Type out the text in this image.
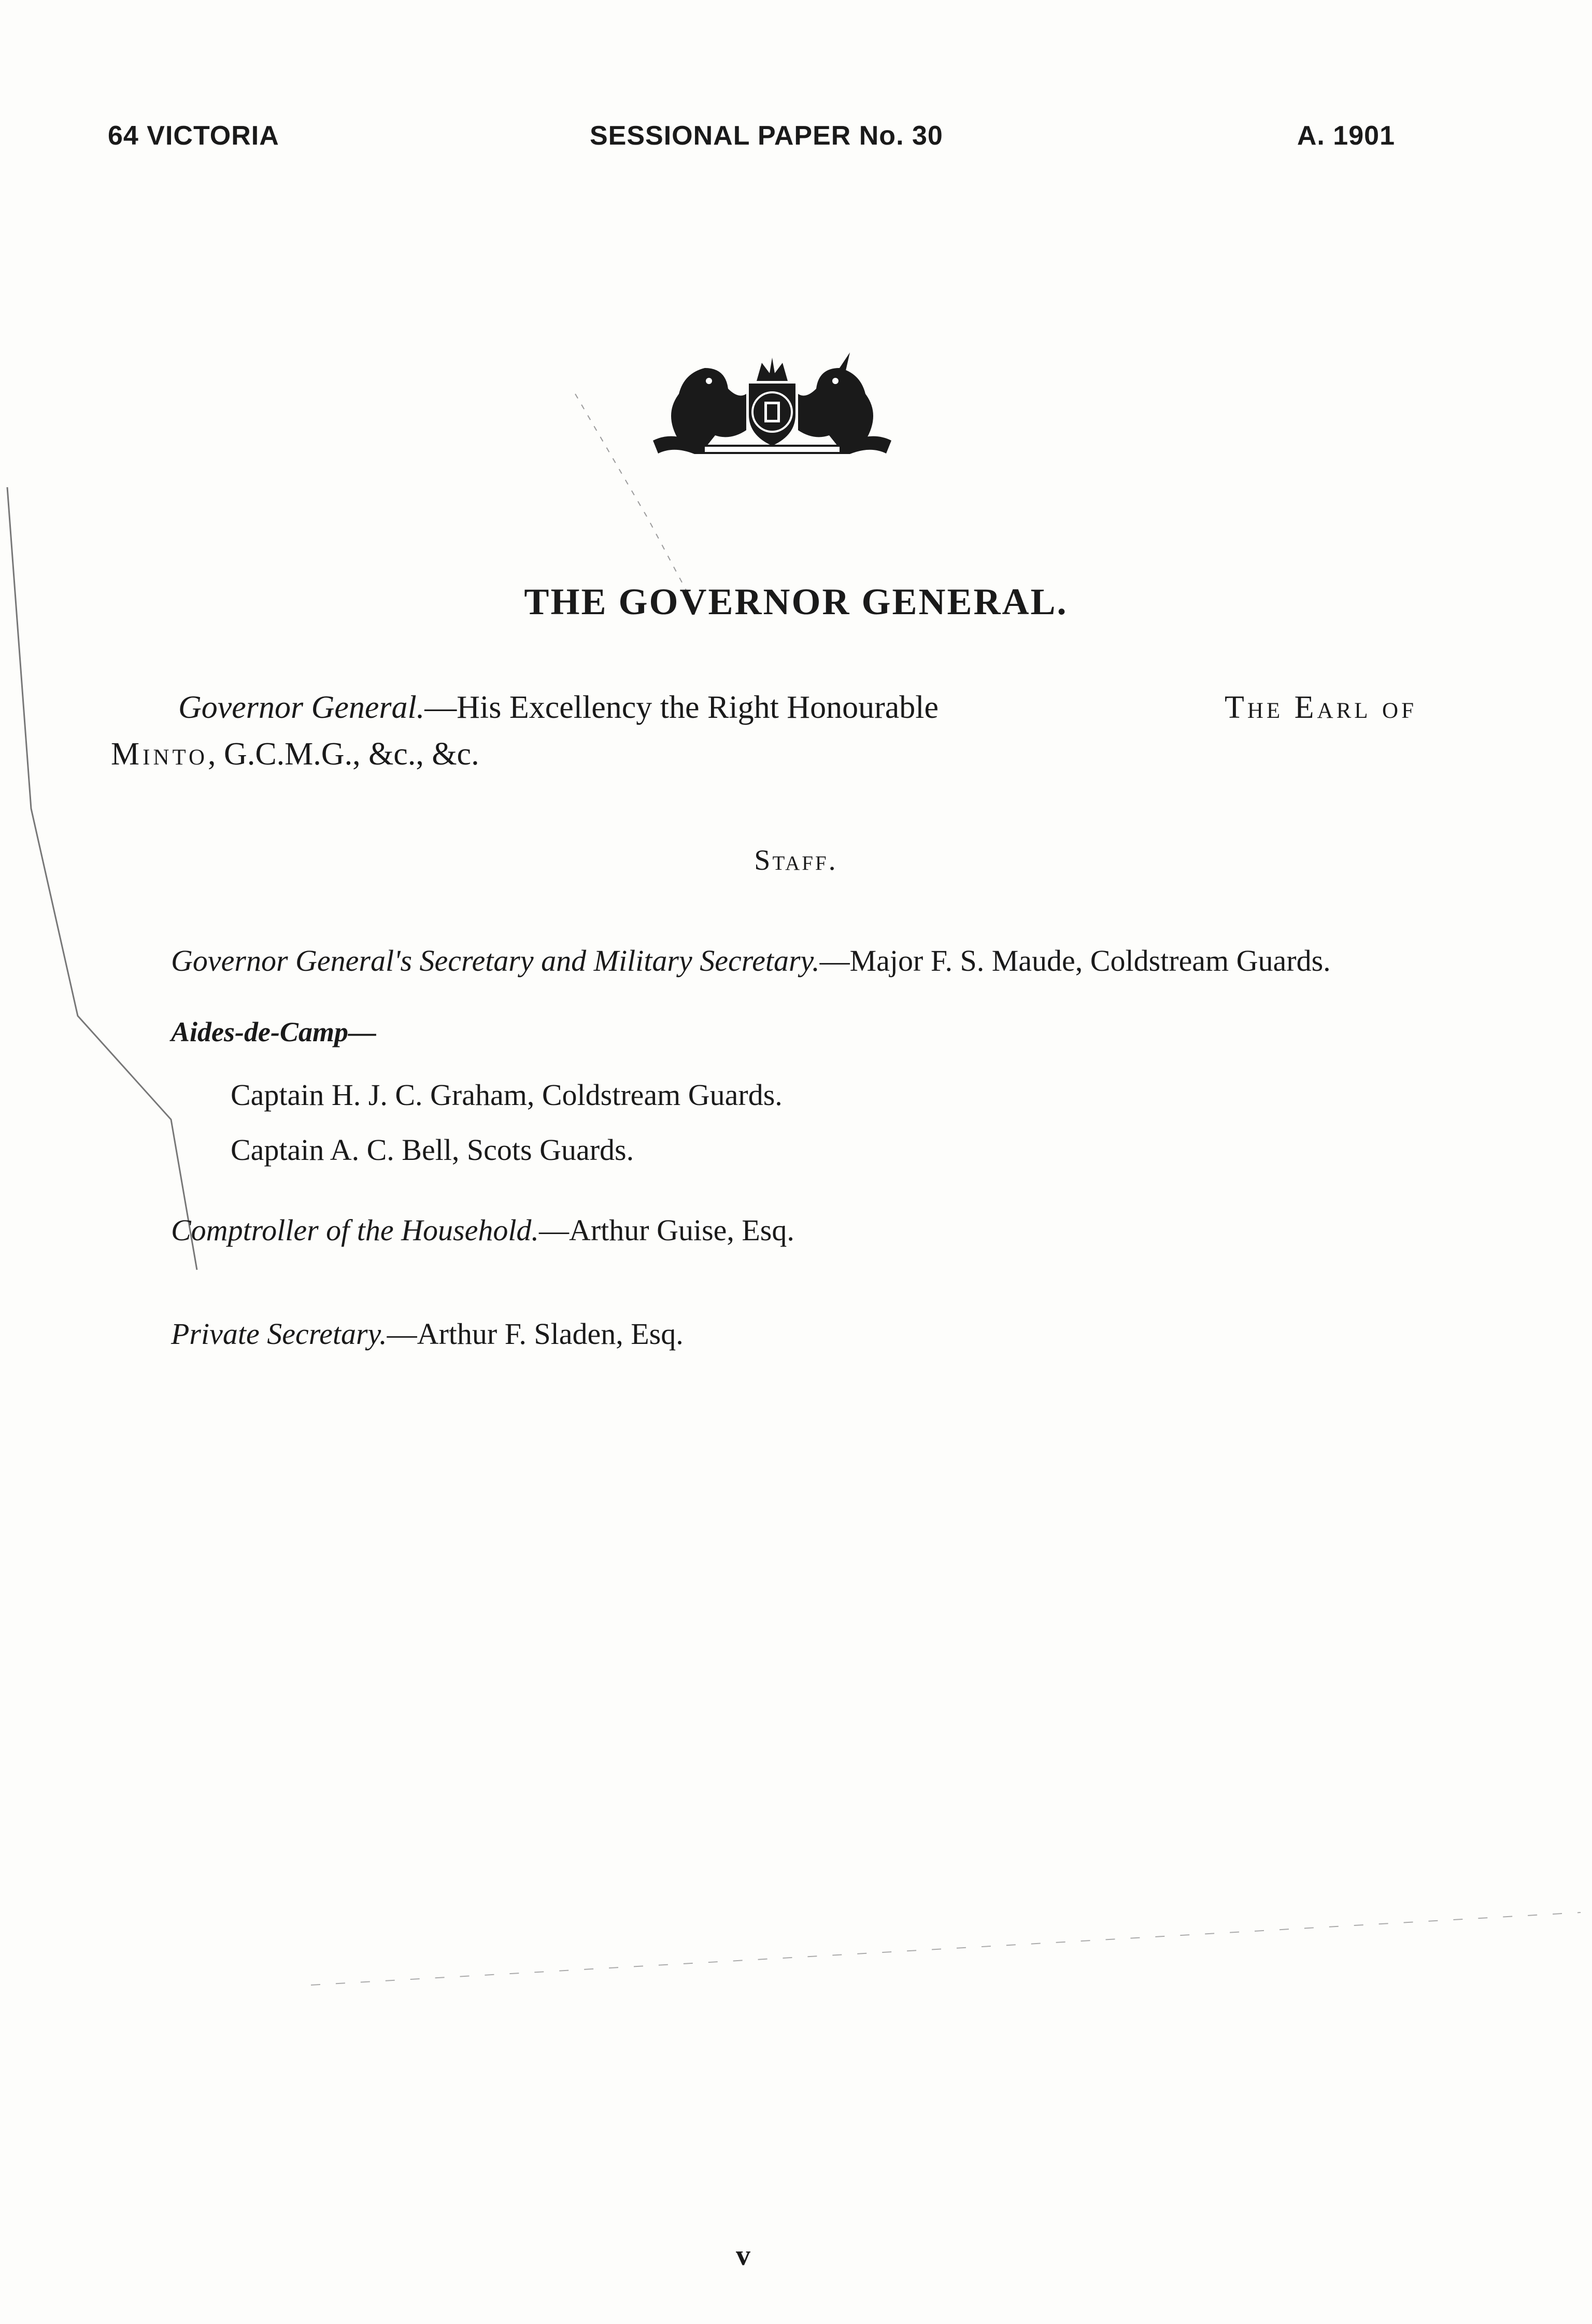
64 VICTORIA	SESSIONAL PAPER No. 30	A. 1901
THE GOVERNOR GENERAL.
Governor General.—His Excellency the Right Honourable	The Earl of
Minto, G.C.M.G., &c., &c.
Staff.
Governor General's Secretary and Military Secretary.—Major F. S. Maude, Coldstream Guards.
Aides-de-Camp—
Captain H. J. C. Graham, Coldstream Guards.
Captain A. C. Bell, Scots Guards.
Comptroller of the Household.—Arthur Guise, Esq.
Private Secretary.—Arthur F. Sladen, Esq.
v
